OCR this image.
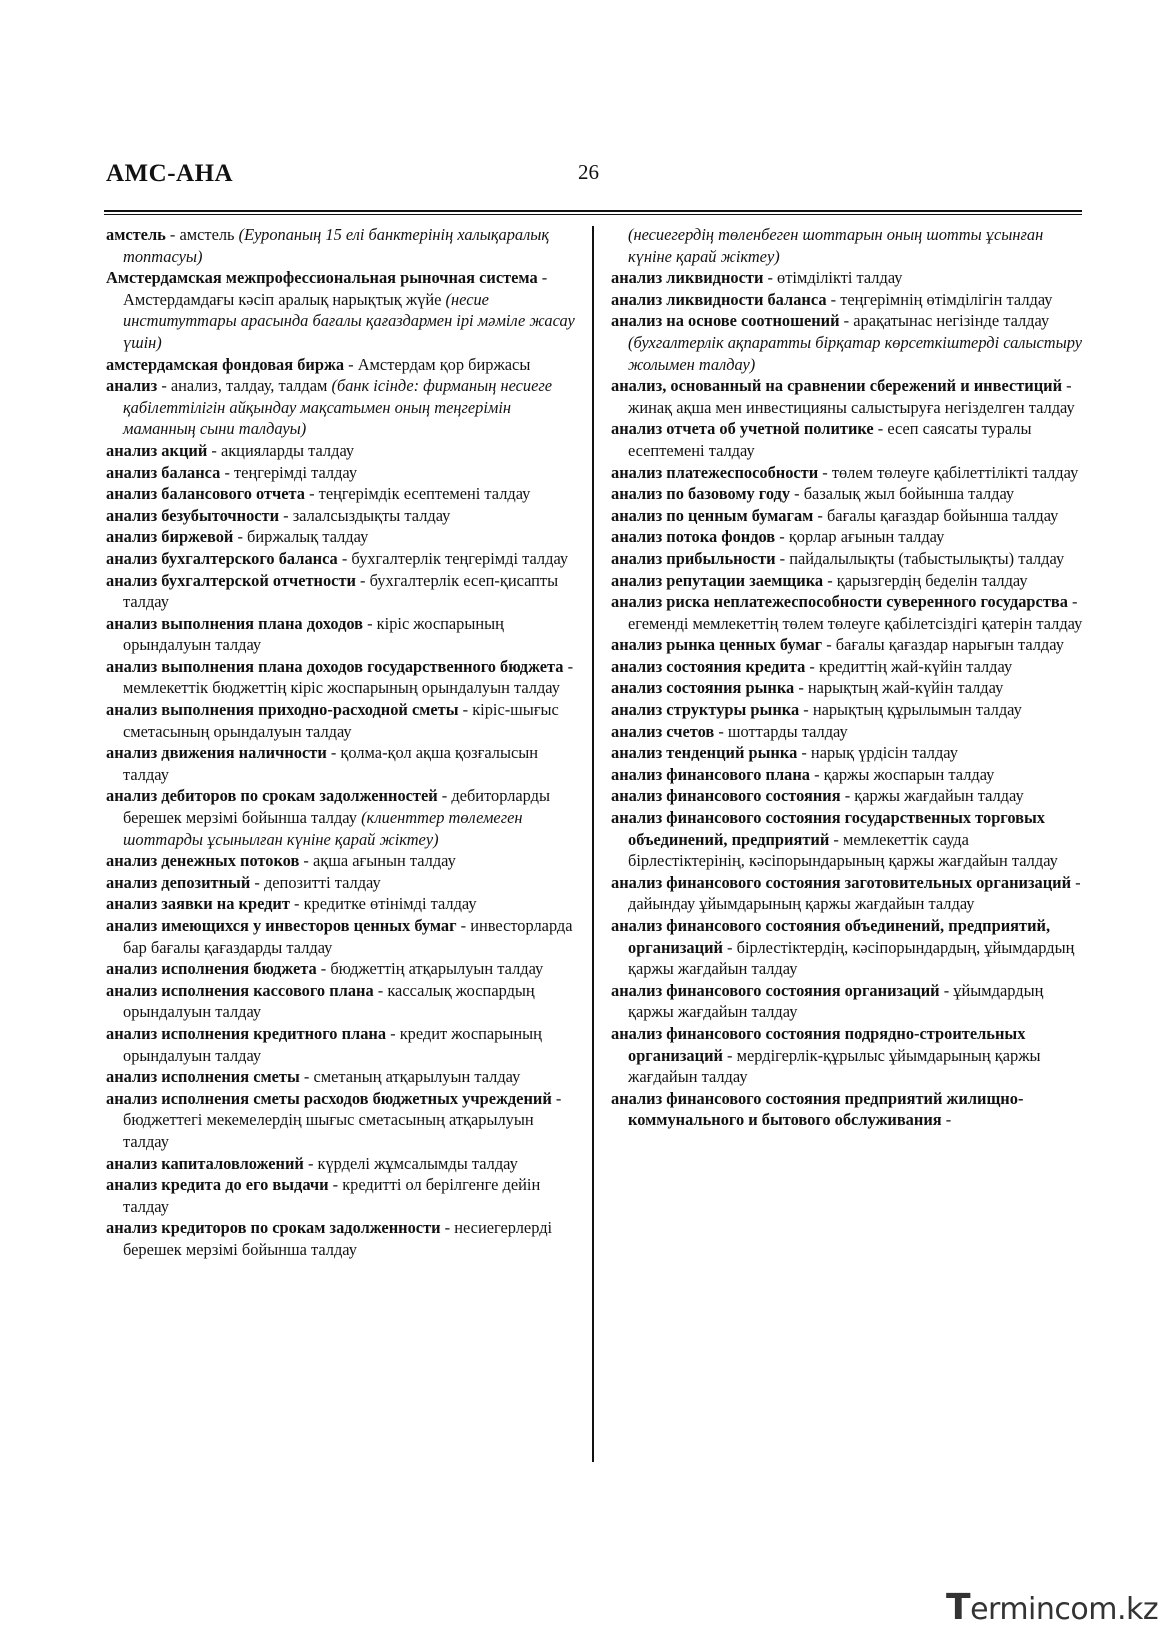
АМС-АНА	26

амстель - амстель (Еуропаның 15 елі банктерінің халықаралық топтасуы)

Амстердамская межпрофессиональная рыночная система - Амстердамдағы кәсіп аралық нарықтық жүйе (несие институттары арасында бағалы қағаздармен ірі мәміле жасау үшін)

амстердамская фондовая биржа - Амстердам қор биржасы

анализ - анализ, талдау, талдам (банк ісінде: фирманың несиеге қабілеттілігін айқындау мақсатымен оның теңгерімін маманның сыни талдауы)

анализ акций - акцияларды талдау

анализ баланса - теңгерімді талдау

анализ балансового отчета - теңгерімдік есептемені талдау

анализ безубыточности - залалсыздықты талдау

анализ биржевой - биржалық талдау

анализ бухгалтерского баланса - бухгалтерлік теңгерімді талдау

анализ бухгалтерской отчетности - бухгалтерлік есеп-қисапты талдау

анализ выполнения плана доходов - кіріс жоспарының орындалуын талдау

анализ выполнения плана доходов государственного бюджета - мемлекеттік бюджеттің кіріс жоспарының орындалуын талдау

анализ выполнения приходно-расходной сметы - кіріс-шығыс сметасының орындалуын талдау

анализ движения наличности - қолма-қол ақша қозғалысын талдау

анализ дебиторов по срокам задолженностей - дебиторларды берешек мерзімі бойынша талдау (клиенттер төлемеген шоттарды ұсынылған күніне қарай жіктеу)

анализ денежных потоков - ақша ағынын талдау

анализ депозитный - депозитті талдау

анализ заявки на кредит - кредитке өтінімді талдау

анализ имеющихся у инвесторов ценных бумаг - инвесторларда бар бағалы қағаздарды талдау

анализ исполнения бюджета - бюджеттің атқарылуын талдау

анализ исполнения кассового плана - кассалық жоспардың орындалуын талдау

анализ исполнения кредитного плана - кредит жоспарының орындалуын талдау

анализ исполнения сметы - сметаның атқарылуын талдау

анализ исполнения сметы расходов бюджетных учреждений - бюджеттегі мекемелердің шығыс сметасының атқарылуын талдау

анализ капиталовложений - күрделі жұмсалымды талдау

анализ кредита до его выдачи - кредитті ол берілгенге дейін талдау

анализ кредиторов по срокам задолженности - несиегерлерді берешек мерзімі бойынша талдау

(несиегердің төленбеген шоттарын оның шотты ұсынған күніне қарай жіктеу)

анализ ликвидности - өтімділікті талдау

анализ ликвидности баланса - теңгерімнің өтімділігін талдау

анализ на основе соотношений - арақатынас негізінде талдау (бухгалтерлік ақпаратты бірқатар көрсеткіштерді салыстыру жолымен талдау)

анализ, основанный на сравнении сбережений и инвестиций - жинақ ақша мен инвестицияны салыстыруға негізделген талдау

анализ отчета об учетной политике - есеп саясаты туралы есептемені талдау

анализ платежеспособности - төлем төлеуге қабілеттілікті талдау

анализ по базовому году - базалық жыл бойынша талдау

анализ по ценным бумагам - бағалы қағаздар бойынша талдау

анализ потока фондов - қорлар ағынын талдау

анализ прибыльности - пайдалылықты (табыстылықты) талдау

анализ репутации заемщика - қарызгердің беделін талдау

анализ риска неплатежеспособности суверенного государства - егеменді мемлекеттің төлем төлеуге қабілетсіздігі қатерін талдау

анализ рынка ценных бумаг - бағалы қағаздар нарығын талдау

анализ состояния кредита - кредиттің жай-күйін талдау

анализ состояния рынка - нарықтың жай-күйін талдау

анализ структуры рынка - нарықтың құрылымын талдау

анализ счетов - шоттарды талдау

анализ тенденций рынка - нарық үрдісін талдау

анализ финансового плана - қаржы жоспарын талдау

анализ финансового состояния - қаржы жағдайын талдау

анализ финансового состояния государственных торговых объединений, предприятий - мемлекеттік сауда бірлестіктерінің, кәсіпорындарының қаржы жағдайын талдау

анализ финансового состояния заготовительных организаций - дайындау ұйымдарының қаржы жағдайын талдау

анализ финансового состояния объединений, предприятий, организаций - бірлестіктердің, кәсіпорындардың, ұйымдардың қаржы жағдайын талдау

анализ финансового состояния организаций - ұйымдардың қаржы жағдайын талдау

анализ финансового состояния подрядно-строительных организаций - мердігерлік-құрылыс ұйымдарының қаржы жағдайын талдау

анализ финансового состояния предприятий жилищно-коммунального и бытового обслуживания -

Termincom.kz
